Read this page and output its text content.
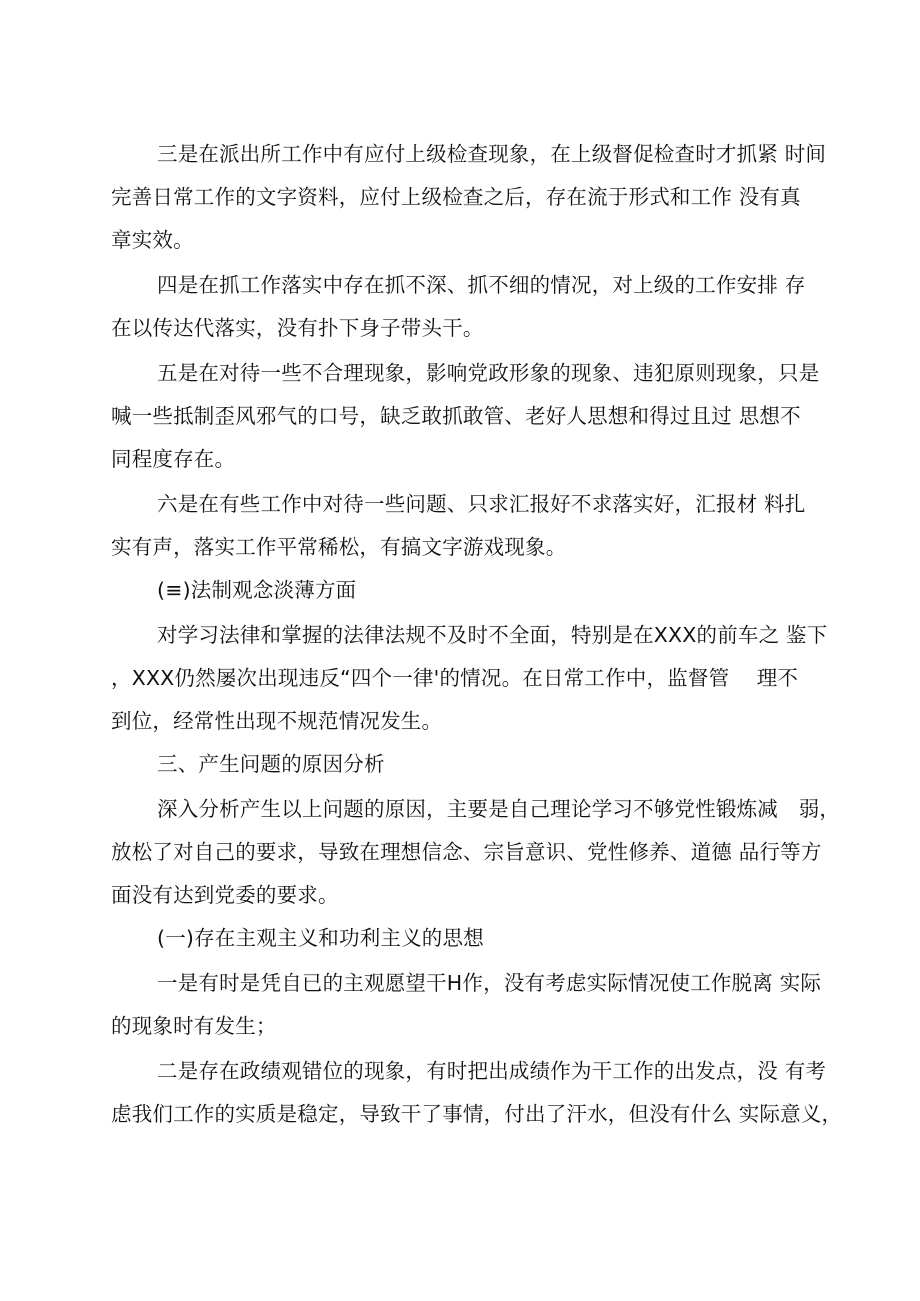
三是在派出所工作中有应付上级检查现象，在上级督促检查时才抓紧 时间
完善日常工作的文字资料，应付上级检查之后，存在流于形式和工作 没有真
章实效。
四是在抓工作落实中存在抓不深、抓不细的情况，对上级的工作安排 存
在以传达代落实，没有扑下身子带头干。
五是在对待一些不合理现象，影响党政形象的现象、违犯原则现象，只是
喊一些抵制歪风邪气的口号，缺乏敢抓敢管、老好人思想和得过且过 思想不
同程度存在。
六是在有些工作中对待一些问题、只求汇报好不求落实好，汇报材 料扎
实有声，落实工作平常稀松，有搞文字游戏现象。
(≡)法制观念淡薄方面
对学习法律和掌握的法律法规不及时不全面，特别是在XXX的前车之 鉴下
，XXX仍然屡次出现违反“四个一律'的情况。在日常工作中，监督管　 理不
到位，经常性出现不规范情况发生。
三、产生问题的原因分析
深入分析产生以上问题的原因，主要是自己理论学习不够党性锻炼减　弱，
放松了对自己的要求，导致在理想信念、宗旨意识、党性修养、道德 品行等方
面没有达到党委的要求。
(一)存在主观主义和功利主义的思想
一是有时是凭自已的主观愿望干H作，没有考虑实际情况使工作脱离 实际
的现象时有发生；
二是存在政绩观错位的现象，有时把出成绩作为干工作的出发点，没 有考
虑我们工作的实质是稳定，导致干了事情，付出了汗水，但没有什么 实际意义，
